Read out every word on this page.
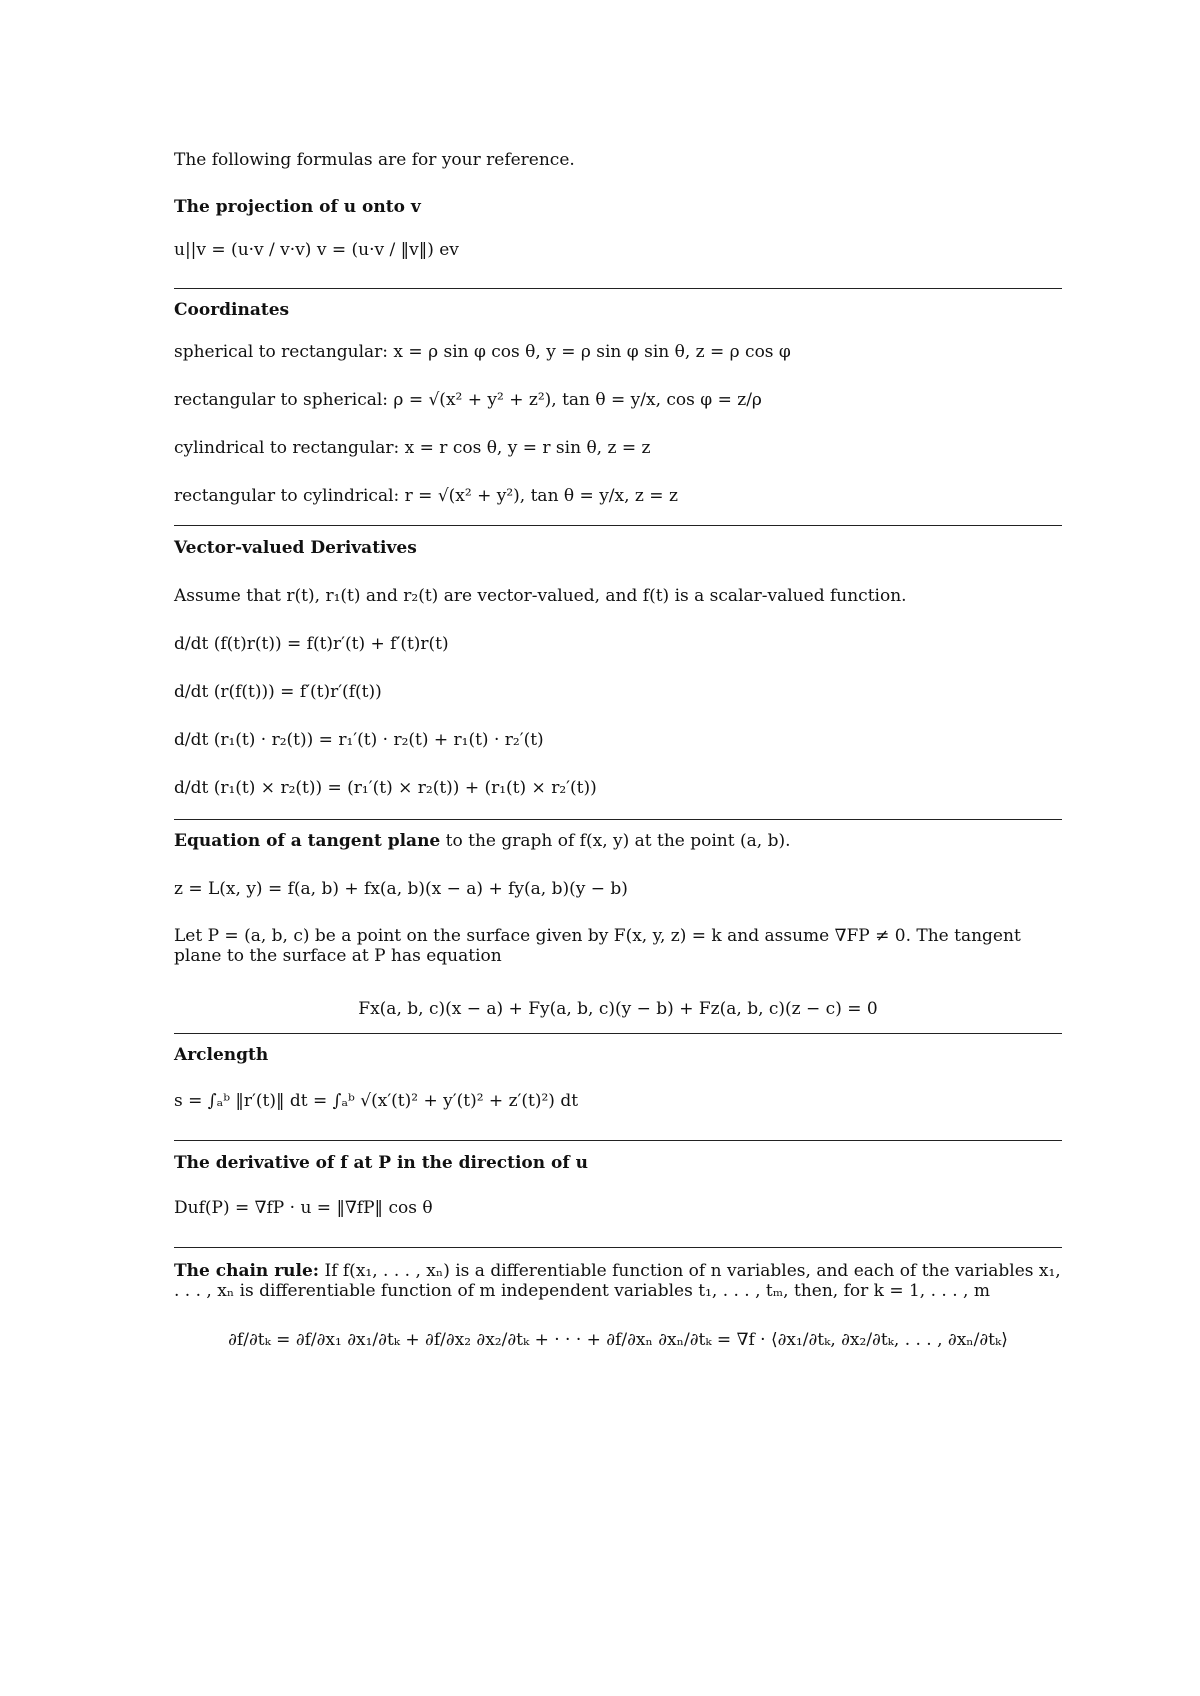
The following formulas are for your reference.
The projection of u onto v
u||v = (u·v / v·v) v = (u·v / ‖v‖) ev
Coordinates
spherical to rectangular: x = ρ sin φ cos θ, y = ρ sin φ sin θ, z = ρ cos φ
rectangular to spherical: ρ = √(x² + y² + z²), tan θ = y/x, cos φ = z/ρ
cylindrical to rectangular: x = r cos θ, y = r sin θ, z = z
rectangular to cylindrical: r = √(x² + y²), tan θ = y/x, z = z
Vector-valued Derivatives
Assume that r(t), r₁(t) and r₂(t) are vector-valued, and f(t) is a scalar-valued function.
d/dt (f(t)r(t)) = f(t)r′(t) + f′(t)r(t)
d/dt (r(f(t))) = f′(t)r′(f(t))
d/dt (r₁(t) · r₂(t)) = r₁′(t) · r₂(t) + r₁(t) · r₂′(t)
d/dt (r₁(t) × r₂(t)) = (r₁′(t) × r₂(t)) + (r₁(t) × r₂′(t))
Equation of a tangent plane to the graph of f(x, y) at the point (a, b).
z = L(x, y) = f(a, b) + fx(a, b)(x − a) + fy(a, b)(y − b)
Let P = (a, b, c) be a point on the surface given by F(x, y, z) = k and assume ∇FP ≠ 0. The tangent plane to the surface at P has equation
Fx(a, b, c)(x − a) + Fy(a, b, c)(y − b) + Fz(a, b, c)(z − c) = 0
Arclength
s = ∫ₐᵇ ‖r′(t)‖ dt = ∫ₐᵇ √(x′(t)² + y′(t)² + z′(t)²) dt
The derivative of f at P in the direction of u
Duf(P) = ∇fP · u = ‖∇fP‖ cos θ
The chain rule: If f(x₁, . . . , xₙ) is a differentiable function of n variables, and each of the variables x₁, . . . , xₙ is differentiable function of m independent variables t₁, . . . , tₘ, then, for k = 1, . . . , m
∂f/∂tₖ = ∂f/∂x₁ ∂x₁/∂tₖ + ∂f/∂x₂ ∂x₂/∂tₖ + · · · + ∂f/∂xₙ ∂xₙ/∂tₖ = ∇f · ⟨∂x₁/∂tₖ, ∂x₂/∂tₖ, . . . , ∂xₙ/∂tₖ⟩
